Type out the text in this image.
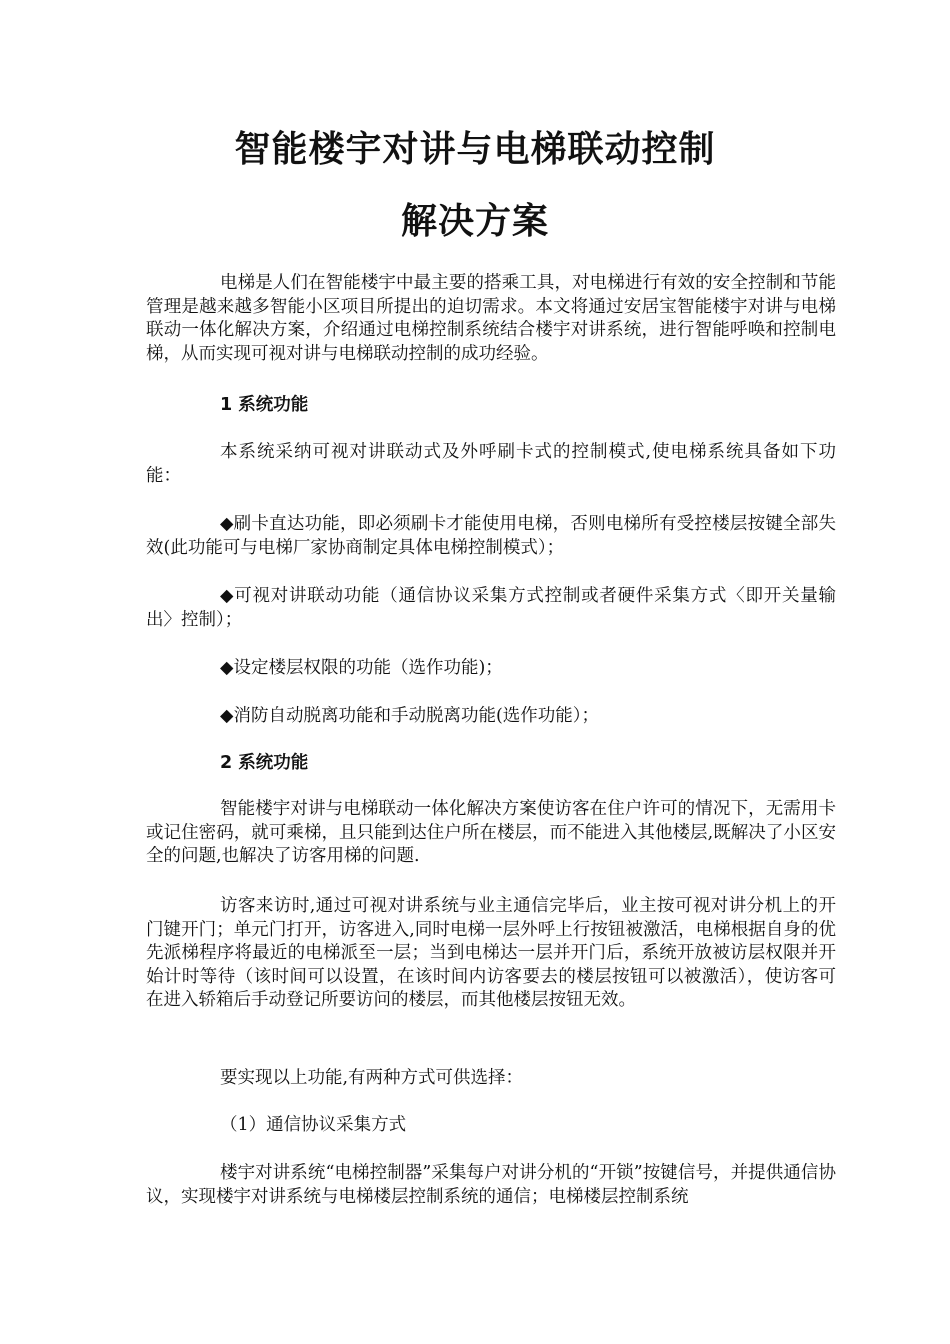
智能楼宇对讲与电梯联动控制
解决方案
电梯是人们在智能楼宇中最主要的搭乘工具，对电梯进行有效的安全控制和节能管理是越来越多智能小区项目所提出的迫切需求。本文将通过安居宝智能楼宇对讲与电梯联动一体化解决方案，介绍通过电梯控制系统结合楼宇对讲系统，进行智能呼唤和控制电梯，从而实现可视对讲与电梯联动控制的成功经验。
1 系统功能
本系统采纳可视对讲联动式及外呼刷卡式的控制模式,使电梯系统具备如下功能：
◆刷卡直达功能，即必须刷卡才能使用电梯，否则电梯所有受控楼层按键全部失效(此功能可与电梯厂家协商制定具体电梯控制模式）；
◆可视对讲联动功能（通信协议采集方式控制或者硬件采集方式〈即开关量输出〉控制）；
◆设定楼层权限的功能（选作功能)；
◆消防自动脱离功能和手动脱离功能(选作功能）；
2 系统功能
智能楼宇对讲与电梯联动一体化解决方案使访客在住户许可的情况下，无需用卡或记住密码，就可乘梯，且只能到达住户所在楼层，而不能进入其他楼层,既解决了小区安全的问题,也解决了访客用梯的问题.
访客来访时,通过可视对讲系统与业主通信完毕后，业主按可视对讲分机上的开门键开门；单元门打开，访客进入,同时电梯一层外呼上行按钮被激活，电梯根据自身的优先派梯程序将最近的电梯派至一层；当到电梯达一层并开门后，系统开放被访层权限并开始计时等待（该时间可以设置，在该时间内访客要去的楼层按钮可以被激活），使访客可在进入轿箱后手动登记所要访问的楼层，而其他楼层按钮无效。
要实现以上功能,有两种方式可供选择：
（1）通信协议采集方式
楼宇对讲系统“电梯控制器”采集每户对讲分机的“开锁”按键信号，并提供通信协议，实现楼宇对讲系统与电梯楼层控制系统的通信；电梯楼层控制系统
